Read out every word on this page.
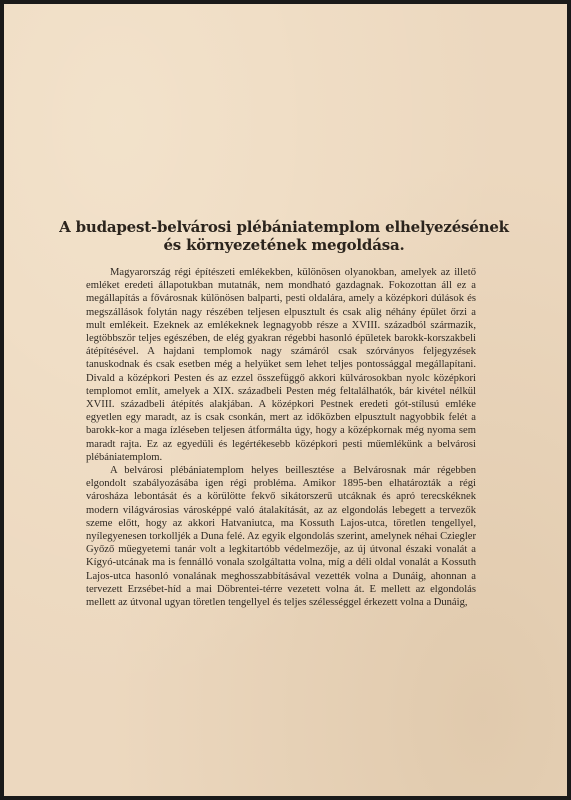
A budapest-belvárosi plébániatemplom elhelyezésének
és környezetének megoldása.

Magyarország régi építészeti emlékekben, különösen olyanokban, amelyek az illető emléket eredeti állapotukban mutatnák, nem mondható gazdagnak. Fokozottan áll ez a megállapítás a fővárosnak különösen balparti, pesti oldalára, amely a középkori dúlások és megszállások folytán nagy részében teljesen elpusztult és csak alig néhány épület őrzi a mult emlékeit. Ezeknek az emlékeknek legnagyobb része a XVIII. századból származik, legtöbbször teljes egészében, de elég gyakran régebbi hasonló épületek barokk-korszakbeli átépítésével. A hajdani templomok nagy számáról csak szórványos feljegyzések tanuskodnak és csak esetben még a helyüket sem lehet teljes pontossággal megállapítani. Divald a középkori Pesten és az ezzel összefüggő akkori külvárosokban nyolc középkori templomot említ, amelyek a XIX. századbeli Pesten még feltalálhatók, bár kivétel nélkül XVIII. századbeli átépítés alakjában. A középkori Pestnek eredeti gót-stílusú emléke egyetlen egy maradt, az is csak csonkán, mert az időközben elpusztult nagyobbik felét a barokk-kor a maga ízléseben teljesen átformálta úgy, hogy a középkornak még nyoma sem maradt rajta. Ez az egyedüli és legértékesebb középkori pesti műemlékünk a belvárosi plébániatemplom.

A belvárosi plébániatemplom helyes beillesztése a Belvárosnak már régebben elgondolt szabályozásába igen régi probléma. Amikor 1895-ben elhatározták a régi városháza lebontását és a körülötte fekvő sikátorszerű utcáknak és apró terecskéknek modern világvárosias városképpé való átalakítását, az az elgondolás lebegett a tervezők szeme előtt, hogy az akkori Hatvaniutca, ma Kossuth Lajos-utca, töretlen tengellyel, nyílegyenesen torkolljék a Duna felé. Az egyik elgondolás szerint, amelynek néhai Cziegler Győző műegyetemi tanár volt a legkitartóbb védelmezője, az új útvonal északi vonalát a Kígyó-utcának ma is fennálló vonala szolgáltatta volna, míg a déli oldal vonalát a Kossuth Lajos-utca hasonló vonalának meghosszabbításával vezették volna a Dunáig, ahonnan a tervezett Erzsébet-híd a mai Döbrentei-térre vezetett volna át. E mellett az elgondolás mellett az útvonal ugyan töretlen tengellyel és teljes szélességgel érkezett volna a Dunáig,
